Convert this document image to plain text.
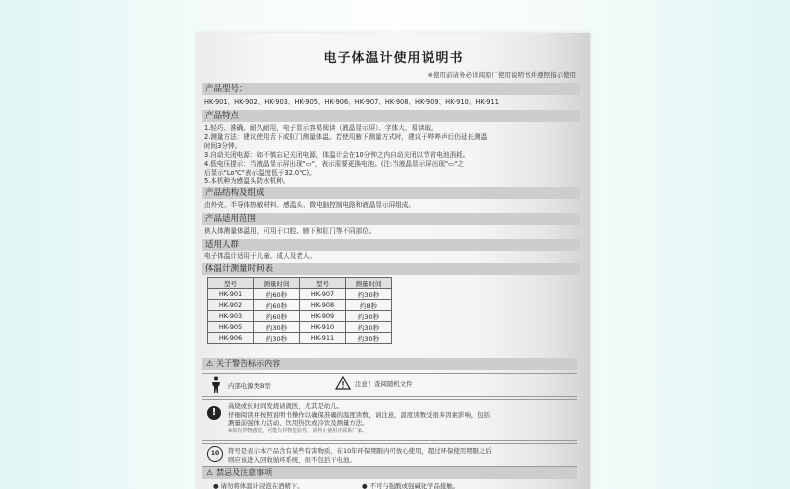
电子体温计使用说明书
※使用前请务必详阅原厂使用说明书并遵照指示使用
产品型号：
HK-901、HK-902、HK-903、HK-905、HK-906、HK-907、HK-908、HK-909、HK-910、HK-911
产品特点
1.轻巧、准确、耐久耐用，电子显示容易阅读（液晶显示屏）、字体大、易读取。
2.测量方法：建议使用舌下或肛门测量体温。若使用腋下测量方式时，建议于哔哔声后仍延长测温
时间3分钟。
3.自动关闭电源：如不慎忘记关闭电源，体温计会在10分钟之内自动关闭以节省电池消耗。
4.低电压提示：当液晶显示屏出现"▭"，表示需要更换电池。(注:当液晶显示屏出现"▭"之
后显示"Lo℃"表示温度低于32.0℃)。
5.本机种为感温头防水机种。
产品结构及组成
由外壳、半导体热敏材料、感温头、微电脑控制电路和液晶显示屏组成。
产品适用范围
供人体测量体温用，可用于口腔、腋下和肛门等不同部位。
适用人群
电子体温计适用于儿童、成人及老人。
体温计测量时间表
型号	测量时间	型号	测量时间
HK-901	约60秒	HK-907	约30秒
HK-902	约60秒	HK-908	约8秒
HK-903	约60秒	HK-909	约30秒
HK-905	约30秒	HK-910	约30秒
HK-906	约30秒	HK-911	约30秒
⚠ 关于警告标示内容
内部电源类B型	注意！查阅随机文件
!
高烧或长时间发烧请就医，尤其是幼儿。
仔细阅读并按照说明书操作以确保准确的温度读数，请注意，温度读数受很多因素影响，包括
测量前强体力活动、饮用热饮或冷饮及测量方法。
※如有异物感觉，可能有异物危险性，请停止使用并联系厂家。
10	符号是表示本产品含有某些有害物质，在10年环保期限内可放心使用，超过环保使用期限之后
则应该进入回收循环系统，但不包括干电池。
⚠ 禁忌及注意事项
● 请勿将体温计浸泡在酒精下。	● 不可与强酸或强碱化学品接触。
